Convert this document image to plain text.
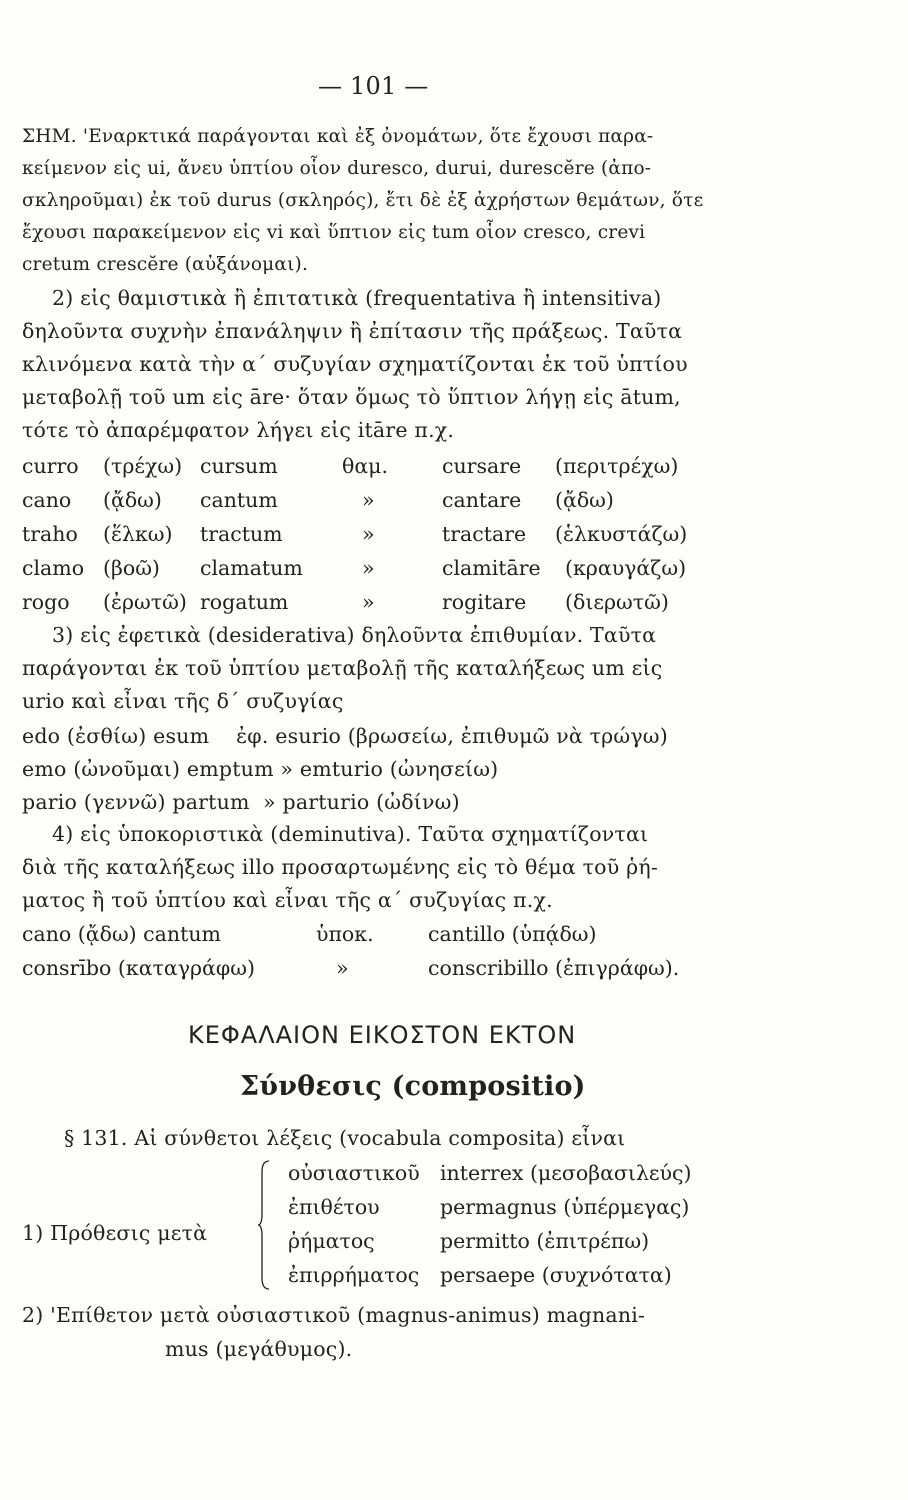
— 101 —
ΣΗΜ. 'Εναρκτικά παράγονται καὶ ἐξ ὀνομάτων, ὅτε ἔχουσι παρα-
κείμενον εἰς ui, ἄνευ ὑπτίου οἷον duresco, durui, durescĕre (ἀπο-
σκληροῦμαι) ἐκ τοῦ durus (σκληρός), ἔτι δὲ ἐξ ἀχρήστων θεμάτων, ὅτε
ἔχουσι παρακείμενον εἰς vi καὶ ὕπτιον εἰς tum οἷον cresco, crevi
cretum crescĕre (αὐξάνομαι).
2) εἰς θαμιστικὰ ἢ ἐπιτατικὰ (frequentativa ἢ intensitiva)
δηλοῦντα συχνὴν ἐπανάληψιν ἢ ἐπίτασιν τῆς πράξεως. Ταῦτα
κλινόμενα κατὰ τὴν α΄ συζυγίαν σχηματίζονται ἐκ τοῦ ὑπτίου
μεταβολῇ τοῦ um εἰς āre· ὅταν ὅμως τὸ ὕπτιον λήγῃ εἰς ātum,
τότε τὸ ἀπαρέμφατον λήγει εἰς itāre π.χ.
curro (τρέχω) cursum	θαμ.	cursare (περιτρέχω)
cano (ᾄδω) cantum	»	cantare (ᾄδω)
traho (ἕλκω) tractum	»	tractare (ἑλκυστάζω)
clamo (βοῶ) clamatum	»	clamitāre (κραυγάζω)
rogo (ἐρωτῶ) rogatum	»	rogitare (διερωτῶ)
3) εἰς ἐφετικὰ (desiderativa) δηλοῦντα ἐπιθυμίαν. Ταῦτα
παράγονται ἐκ τοῦ ὑπτίου μεταβολῇ τῆς καταλήξεως um εἰς
urio καὶ εἶναι τῆς δ΄ συζυγίας
edo (ἐσθίω) esum    ἐφ. esurio (βρωσείω, ἐπιθυμῶ νὰ τρώγω)
emo (ὠνοῦμαι) emptum » emturio (ὠνησείω)
pario (γεννῶ) partum  » parturio (ὠδίνω)
4) εἰς ὑποκοριστικὰ (deminutiva). Ταῦτα σχηματίζονται
διὰ τῆς καταλήξεως illo προσαρτωμένης εἰς τὸ θέμα τοῦ ῥή-
ματος ἢ τοῦ ὑπτίου καὶ εἶναι τῆς α΄ συζυγίας π.χ.
cano (ᾄδω) cantum	ὑποκ.	cantillo (ὑπᾴδω)
consrībo (καταγράφω)	»	conscribillo (ἐπιγράφω).
ΚΕΦΑΛΑΙΟΝ ΕΙΚΟΣΤΟΝ ΕΚΤΟΝ
Σύνθεσις (compositio)
§ 131. Αἱ σύνθετοι λέξεις (vocabula composita) εἶναι
1) Πρόθεσις μετὰ
οὐσιαστικοῦ interrex (μεσοβασιλεύς)
ἐπιθέτου	permagnus (ὑπέρμεγας)
ῥήματος	permitto (ἐπιτρέπω)
ἐπιρρήματος persaepe (συχνότατα)
2) 'Επίθετον μετὰ οὐσιαστικοῦ (magnus-animus) magnani-
mus (μεγάθυμος).
